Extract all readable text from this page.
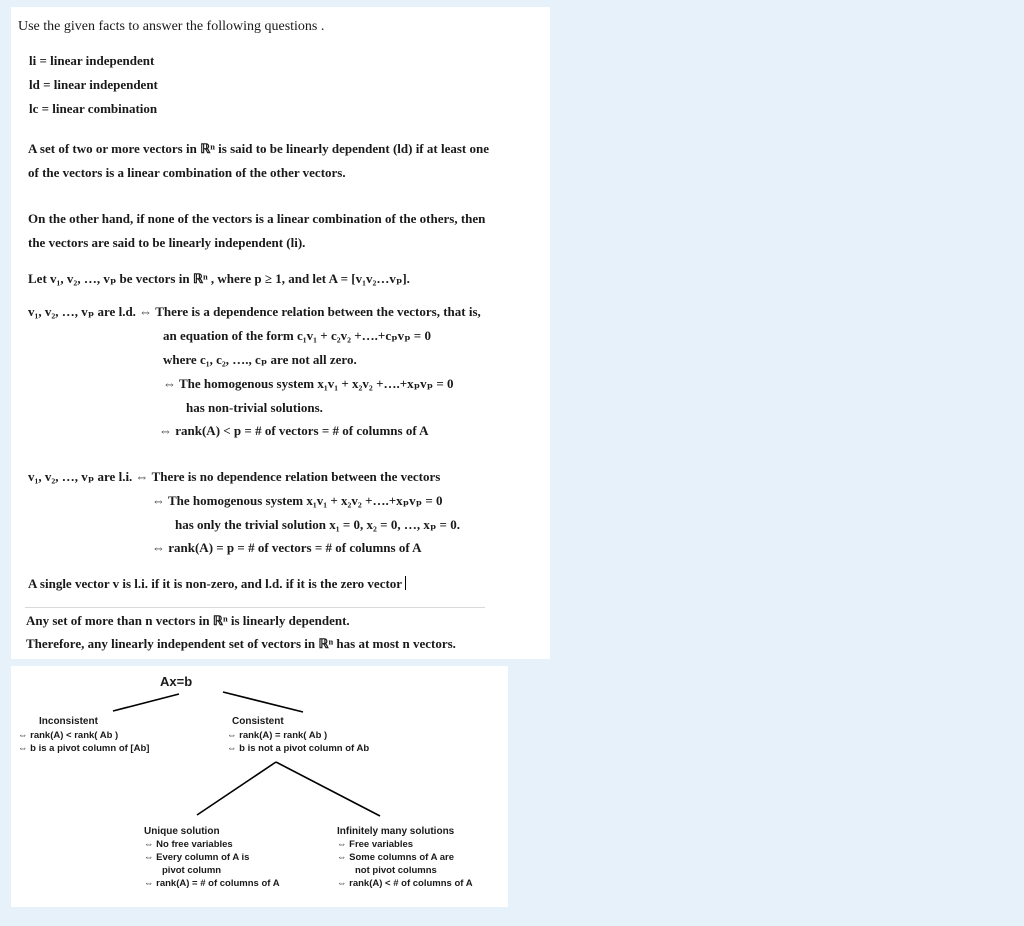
Use the given facts to answer the following questions .
li = linear independent
ld = linear independent
lc = linear combination
A set of two or more vectors in ℝⁿ is said to be linearly dependent (ld) if at least one
of the vectors is a linear combination of the other vectors.
On the other hand, if none of the vectors is a linear combination of the others, then
the vectors are said to be linearly independent (li).
Let v₁, v₂, …, vₚ be vectors in ℝⁿ , where p ≥ 1, and let A = [v₁v₂…vₚ].
v₁, v₂, …, vₚ are l.d. ⇔ There is a dependence relation between the vectors, that is,
an equation of the form c₁v₁ + c₂v₂ +….+cₚvₚ = 0
where c₁, c₂, …., cₚ are not all zero.
⇔ The homogenous system x₁v₁ + x₂v₂ +….+xₚvₚ = 0
has non-trivial solutions.
⇔ rank(A) < p = # of vectors = # of columns of A
v₁, v₂, …, vₚ are l.i. ⇔ There is no dependence relation between the vectors
⇔ The homogenous system x₁v₁ + x₂v₂ +….+xₚvₚ = 0
has only the trivial solution x₁ = 0, x₂ = 0, …, xₚ = 0.
⇔ rank(A) = p = # of vectors = # of columns of A
A single vector v is l.i. if it is non-zero, and l.d. if it is the zero vector
Any set of more than n vectors in ℝⁿ is linearly dependent.
Therefore, any linearly independent set of vectors in ℝⁿ has at most n vectors.
Ax=b
Inconsistent
⇔ rank(A) < rank( Ab )
⇔ b is a pivot column of [Ab]
Consistent
⇔ rank(A) = rank( Ab )
⇔ b is not a pivot column of Ab
Unique solution
⇔ No free variables
⇔ Every column of A is
pivot column
⇔ rank(A) = # of columns of A
Infinitely many solutions
⇔ Free variables
⇔ Some columns of A are
not pivot columns
⇔ rank(A) < # of columns of A
